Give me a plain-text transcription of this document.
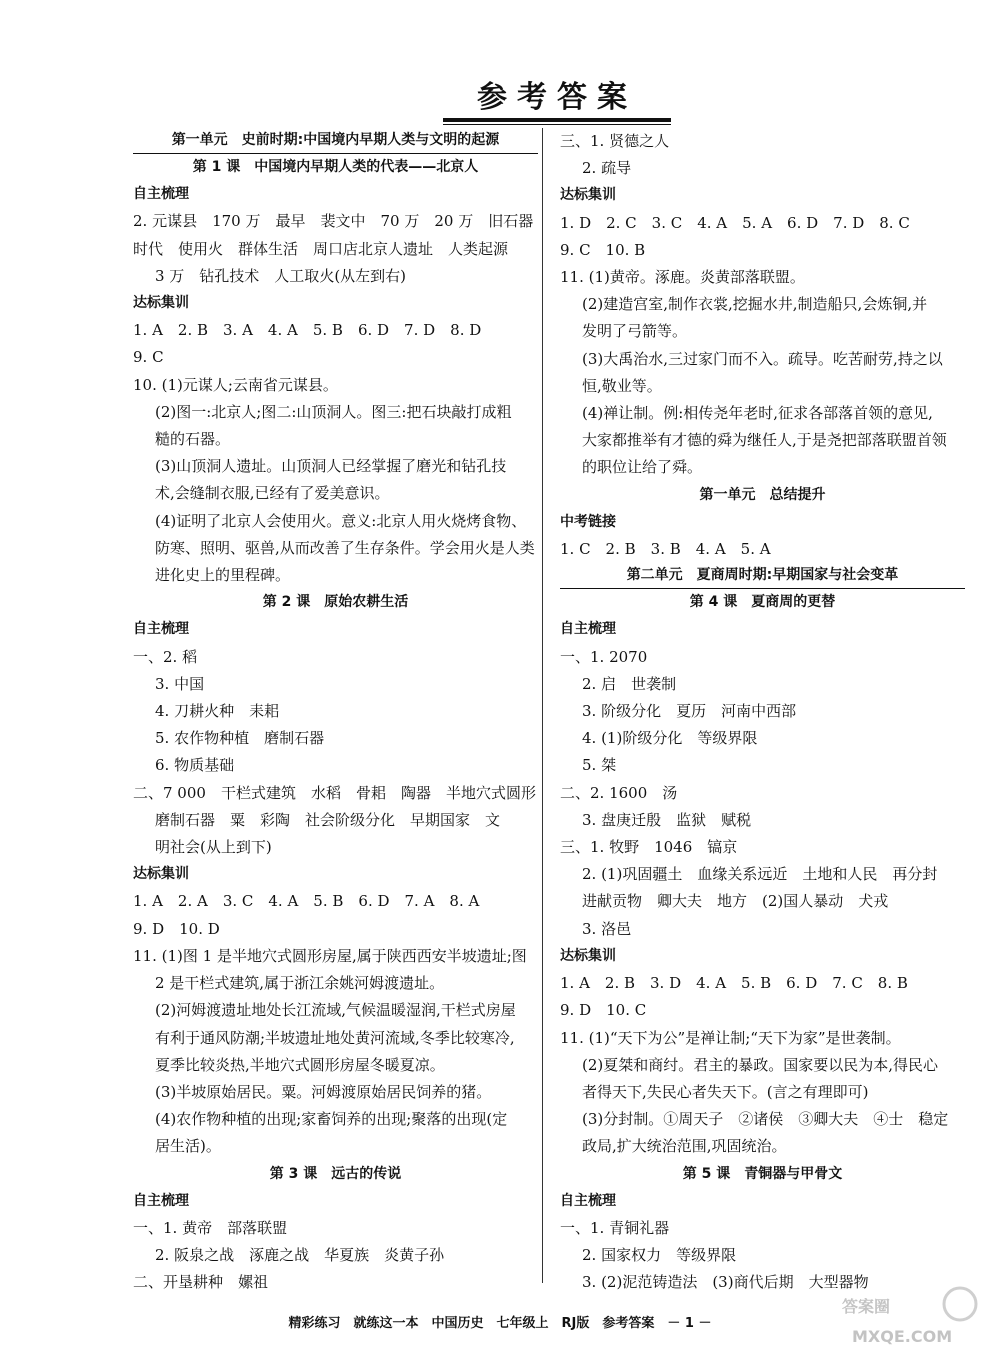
参考答案
第一单元　史前时期:中国境内早期人类与文明的起源
第 1 课　中国境内早期人类的代表——北京人
自主梳理
2. 元谋县　170 万　最早　裴文中　70 万　20 万　旧石器
时代　使用火　群体生活　周口店北京人遗址　人类起源
3 万　钻孔技术　人工取火(从左到右)
达标集训
1. A　2. B　3. A　4. A　5. B　6. D　7. D　8. D
9. C
10. (1)元谋人;云南省元谋县。
(2)图一:北京人;图二:山顶洞人。图三:把石块敲打成粗
糙的石器。
(3)山顶洞人遗址。山顶洞人已经掌握了磨光和钻孔技
术,会缝制衣服,已经有了爱美意识。
(4)证明了北京人会使用火。意义:北京人用火烧烤食物、
防寒、照明、驱兽,从而改善了生存条件。学会用火是人类
进化史上的里程碑。
第 2 课　原始农耕生活
自主梳理
一、2. 稻
3. 中国
4. 刀耕火种　耒耜
5. 农作物种植　磨制石器
6. 物质基础
二、7 000　干栏式建筑　水稻　骨耜　陶器　半地穴式圆形
磨制石器　粟　彩陶　社会阶级分化　早期国家　文
明社会(从上到下)
达标集训
1. A　2. A　3. C　4. A　5. B　6. D　7. A　8. A
9. D　10. D
11. (1)图 1 是半地穴式圆形房屋,属于陕西西安半坡遗址;图
2 是干栏式建筑,属于浙江余姚河姆渡遗址。
(2)河姆渡遗址地处长江流域,气候温暖湿润,干栏式房屋
有利于通风防潮;半坡遗址地处黄河流域,冬季比较寒冷,
夏季比较炎热,半地穴式圆形房屋冬暖夏凉。
(3)半坡原始居民。粟。河姆渡原始居民饲养的猪。
(4)农作物种植的出现;家畜饲养的出现;聚落的出现(定
居生活)。
第 3 课　远古的传说
自主梳理
一、1. 黄帝　部落联盟
2. 阪泉之战　涿鹿之战　华夏族　炎黄子孙
二、开垦耕种　嫘祖
三、1. 贤德之人
2. 疏导
达标集训
1. D　2. C　3. C　4. A　5. A　6. D　7. D　8. C
9. C　10. B
11. (1)黄帝。涿鹿。炎黄部落联盟。
(2)建造宫室,制作衣裳,挖掘水井,制造船只,会炼铜,并
发明了弓箭等。
(3)大禹治水,三过家门而不入。疏导。吃苦耐劳,持之以
恒,敬业等。
(4)禅让制。例:相传尧年老时,征求各部落首领的意见,
大家都推举有才德的舜为继任人,于是尧把部落联盟首领
的职位让给了舜。
第一单元　总结提升
中考链接
1. C　2. B　3. B　4. A　5. A
第二单元　夏商周时期:早期国家与社会变革
第 4 课　夏商周的更替
自主梳理
一、1. 2070
2. 启　世袭制
3. 阶级分化　夏历　河南中西部
4. (1)阶级分化　等级界限
5. 桀
二、2. 1600　汤
3. 盘庚迁殷　监狱　赋税
三、1. 牧野　1046　镐京
2. (1)巩固疆土　血缘关系远近　土地和人民　再分封
进献贡物　卿大夫　地方　(2)国人暴动　犬戎
3. 洛邑
达标集训
1. A　2. B　3. D　4. A　5. B　6. D　7. C　8. B
9. D　10. C
11. (1)“天下为公”是禅让制;“天下为家”是世袭制。
(2)夏桀和商纣。君主的暴政。国家要以民为本,得民心
者得天下,失民心者失天下。(言之有理即可)
(3)分封制。①周天子　②诸侯　③卿大夫　④士　稳定
政局,扩大统治范围,巩固统治。
第 5 课　青铜器与甲骨文
自主梳理
一、1. 青铜礼器
2. 国家权力　等级界限
3. (2)泥范铸造法　(3)商代后期　大型器物
精彩练习　就练这一本　中国历史　七年级上　RJ版　参考答案　－ 1 －
答案圈
MXQE.COM
